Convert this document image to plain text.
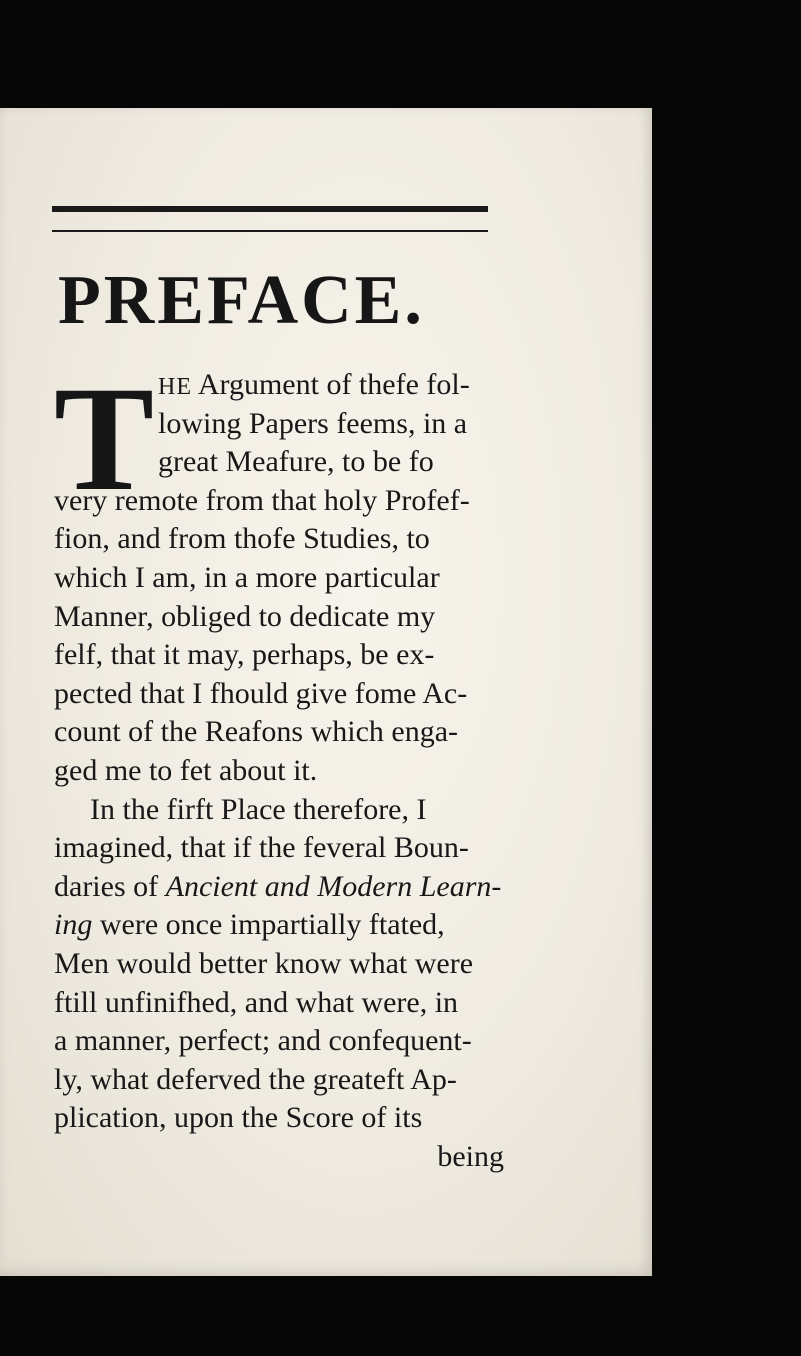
PREFACE.
T HE Argument of thefe fol-
lowing Papers feems, in a
great Meafure, to be fo
very remote from that holy Profef-
fion, and from thofe Studies, to
which I am, in a more particular
Manner, obliged to dedicate my
felf, that it may, perhaps, be ex-
pected that I fhould give fome Ac-
count of the Reafons which enga-
ged me to fet about it.
In the firft Place therefore, I
imagined, that if the feveral Boun-
daries of Ancient and Modern Learn-
ing were once impartially ftated,
Men would better know what were
ftill unfinifhed, and what were, in
a manner, perfect; and confequent-
ly, what deferved the greateft Ap-
plication, upon the Score of its
being
